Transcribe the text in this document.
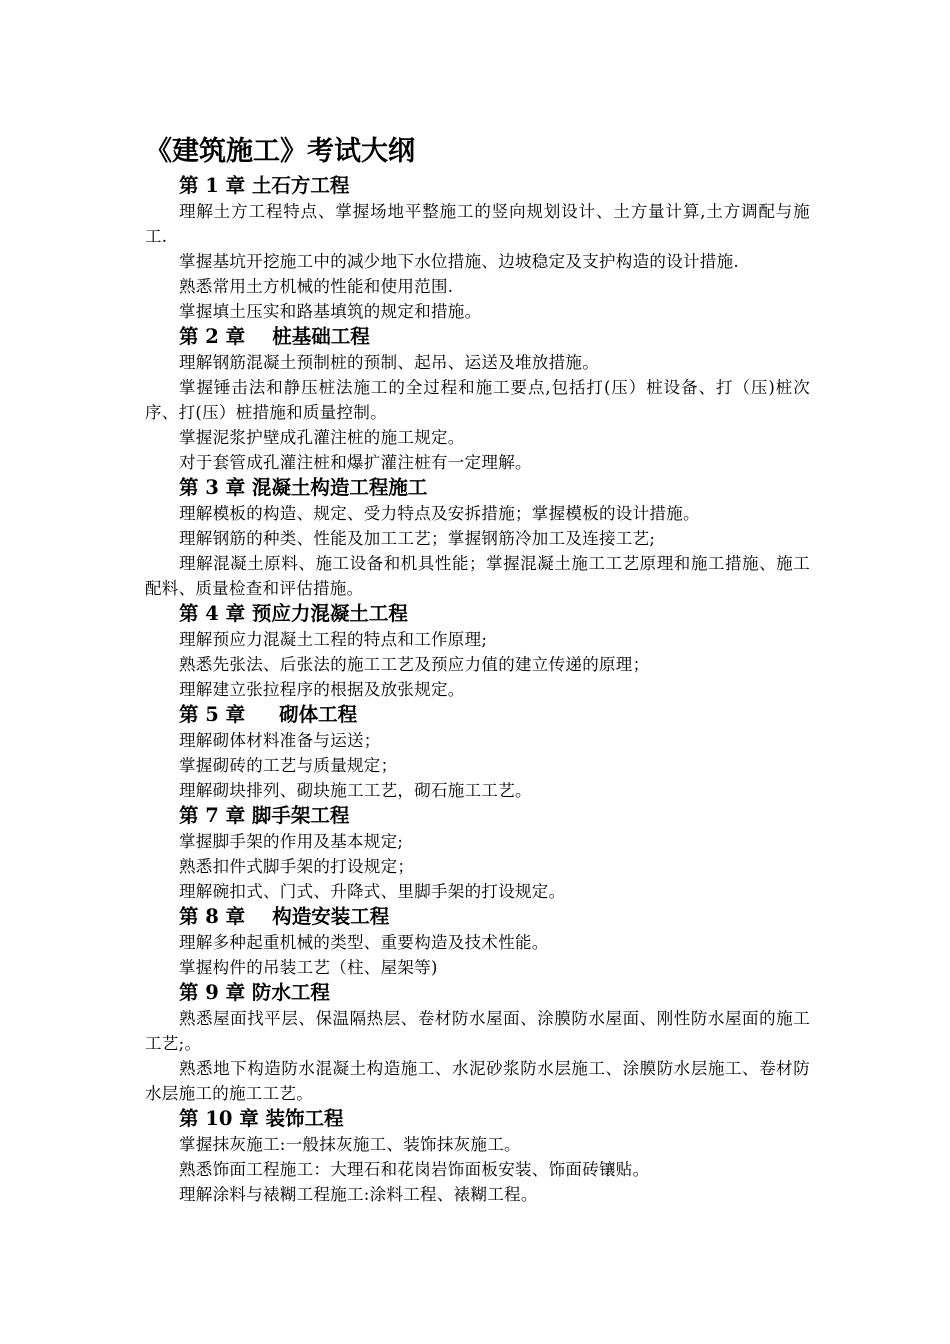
《建筑施工》考试大纲
第 1 章 土石方工程

理解土方工程特点、掌握场地平整施工的竖向规划设计、土方量计算,土方调配与施工.

掌握基坑开挖施工中的减少地下水位措施、边坡稳定及支护构造的设计措施.

熟悉常用土方机械的性能和使用范围.

掌握填土压实和路基填筑的规定和措施。

第 2 章    桩基础工程

理解钢筋混凝土预制桩的预制、起吊、运送及堆放措施。

掌握锤击法和静压桩法施工的全过程和施工要点,包括打(压）桩设备、打（压)桩次序、打(压）桩措施和质量控制。

掌握泥浆护壁成孔灌注桩的施工规定。

对于套管成孔灌注桩和爆扩灌注桩有一定理解。

第 3 章 混凝土构造工程施工

理解模板的构造、规定、受力特点及安拆措施；掌握模板的设计措施。

理解钢筋的种类、性能及加工工艺；掌握钢筋冷加工及连接工艺;

理解混凝土原料、施工设备和机具性能；掌握混凝土施工工艺原理和施工措施、施工配料、质量检查和评估措施。

第 4 章 预应力混凝土工程

理解预应力混凝土工程的特点和工作原理;

熟悉先张法、后张法的施工工艺及预应力值的建立传递的原理；

理解建立张拉程序的根据及放张规定。

第 5 章     砌体工程

理解砌体材料准备与运送；

掌握砌砖的工艺与质量规定；

理解砌块排列、砌块施工工艺，砌石施工工艺。

第 7 章 脚手架工程

掌握脚手架的作用及基本规定;

熟悉扣件式脚手架的打设规定；

理解碗扣式、门式、升降式、里脚手架的打设规定。

第 8 章    构造安装工程

理解多种起重机械的类型、重要构造及技术性能。

掌握构件的吊装工艺（柱、屋架等)

第 9 章 防水工程

熟悉屋面找平层、保温隔热层、卷材防水屋面、涂膜防水屋面、刚性防水屋面的施工工艺;。

熟悉地下构造防水混凝土构造施工、水泥砂浆防水层施工、涂膜防水层施工、卷材防水层施工的施工工艺。

第 10 章 装饰工程

掌握抹灰施工:一般抹灰施工、装饰抹灰施工。

熟悉饰面工程施工：大理石和花岗岩饰面板安装、饰面砖镶贴。

理解涂料与裱糊工程施工:涂料工程、裱糊工程。
